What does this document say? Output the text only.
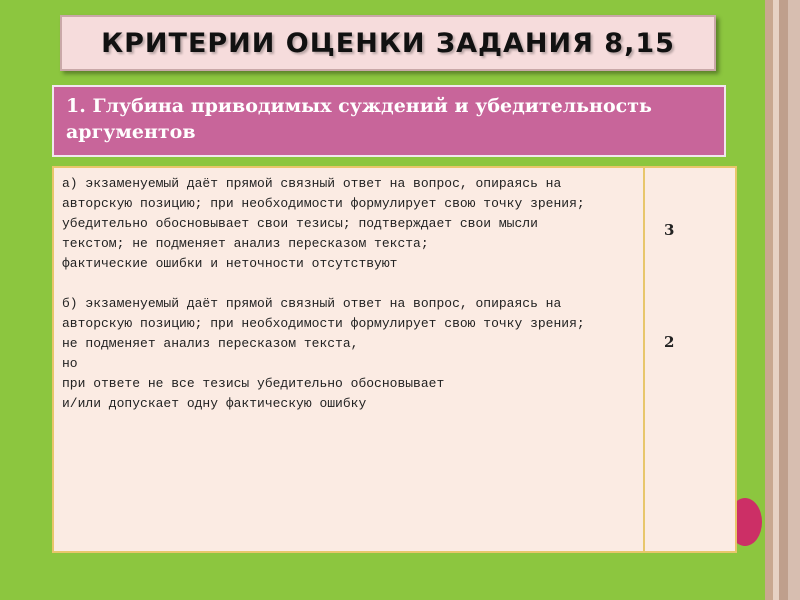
КРИТЕРИИ ОЦЕНКИ ЗАДАНИЯ 8,15
1. Глубина приводимых суждений и убедительность аргументов
а) экзаменуемый даёт прямой связный ответ на вопрос, опираясь на
авторскую позицию; при необходимости формулирует свою точку зрения;
убедительно обосновывает свои тезисы; подтверждает свои мысли
текстом; не подменяет анализ пересказом текста;
фактические ошибки и неточности отсутствуют
б) экзаменуемый даёт прямой связный ответ на вопрос, опираясь на
авторскую позицию; при необходимости формулирует свою точку зрения;
не подменяет анализ пересказом текста,
но
при ответе не все тезисы убедительно обосновывает
и/или допускает одну фактическую ошибку
3
2
